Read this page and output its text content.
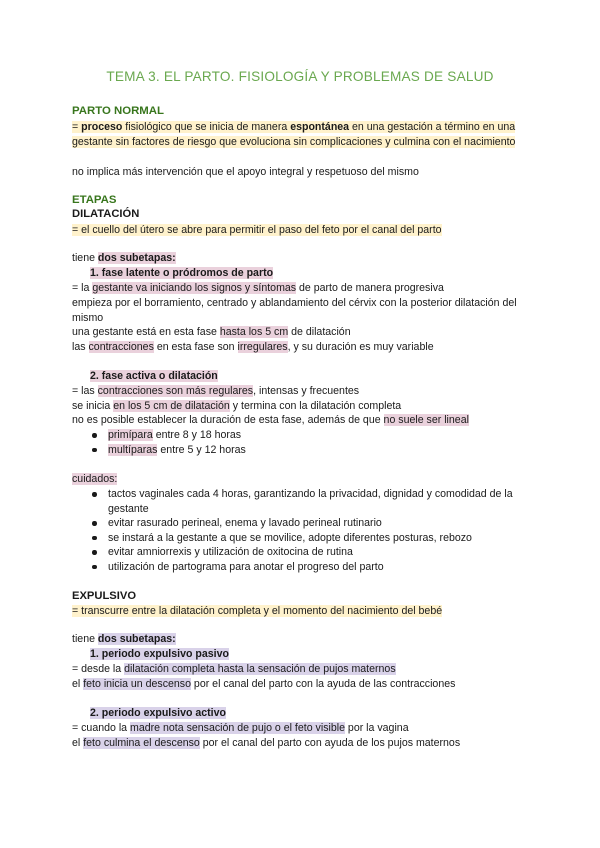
TEMA 3. EL PARTO. FISIOLOGÍA Y PROBLEMAS DE SALUD
PARTO NORMAL
= proceso fisiológico que se inicia de manera espontánea en una gestación a término en una gestante sin factores de riesgo que evoluciona sin complicaciones y culmina con el nacimiento
no implica más intervención que el apoyo integral y respetuoso del mismo
ETAPAS
DILATACIÓN
= el cuello del útero se abre para permitir el paso del feto por el canal del parto
tiene dos subetapas:
1. fase latente o pródromos de parto
= la gestante va iniciando los signos y síntomas de parto de manera progresiva
empieza por el borramiento, centrado y ablandamiento del cérvix con la posterior dilatación del mismo
una gestante está en esta fase hasta los 5 cm de dilatación
las contracciones en esta fase son irregulares, y su duración es muy variable
2. fase activa o dilatación
= las contracciones son más regulares, intensas y frecuentes
se inicia en los 5 cm de dilatación y termina con la dilatación completa
no es posible establecer la duración de esta fase, además de que no suele ser lineal
primípara entre 8 y 18 horas
multíparas entre 5 y 12 horas
cuidados:
tactos vaginales cada 4 horas, garantizando la privacidad, dignidad y comodidad de la gestante
evitar rasurado perineal, enema y lavado perineal rutinario
se instará a la gestante a que se movilice, adopte diferentes posturas, rebozo
evitar amniorrexis y utilización de oxitocina de rutina
utilización de partograma para anotar el progreso del parto
EXPULSIVO
= transcurre entre la dilatación completa y el momento del nacimiento del bebé
tiene dos subetapas:
1. periodo expulsivo pasivo
= desde la dilatación completa hasta la sensación de pujos maternos
el feto inicia un descenso por el canal del parto con la ayuda de las contracciones
2. periodo expulsivo activo
= cuando la madre nota sensación de pujo o el feto visible por la vagina
el feto culmina el descenso por el canal del parto con ayuda de los pujos maternos
